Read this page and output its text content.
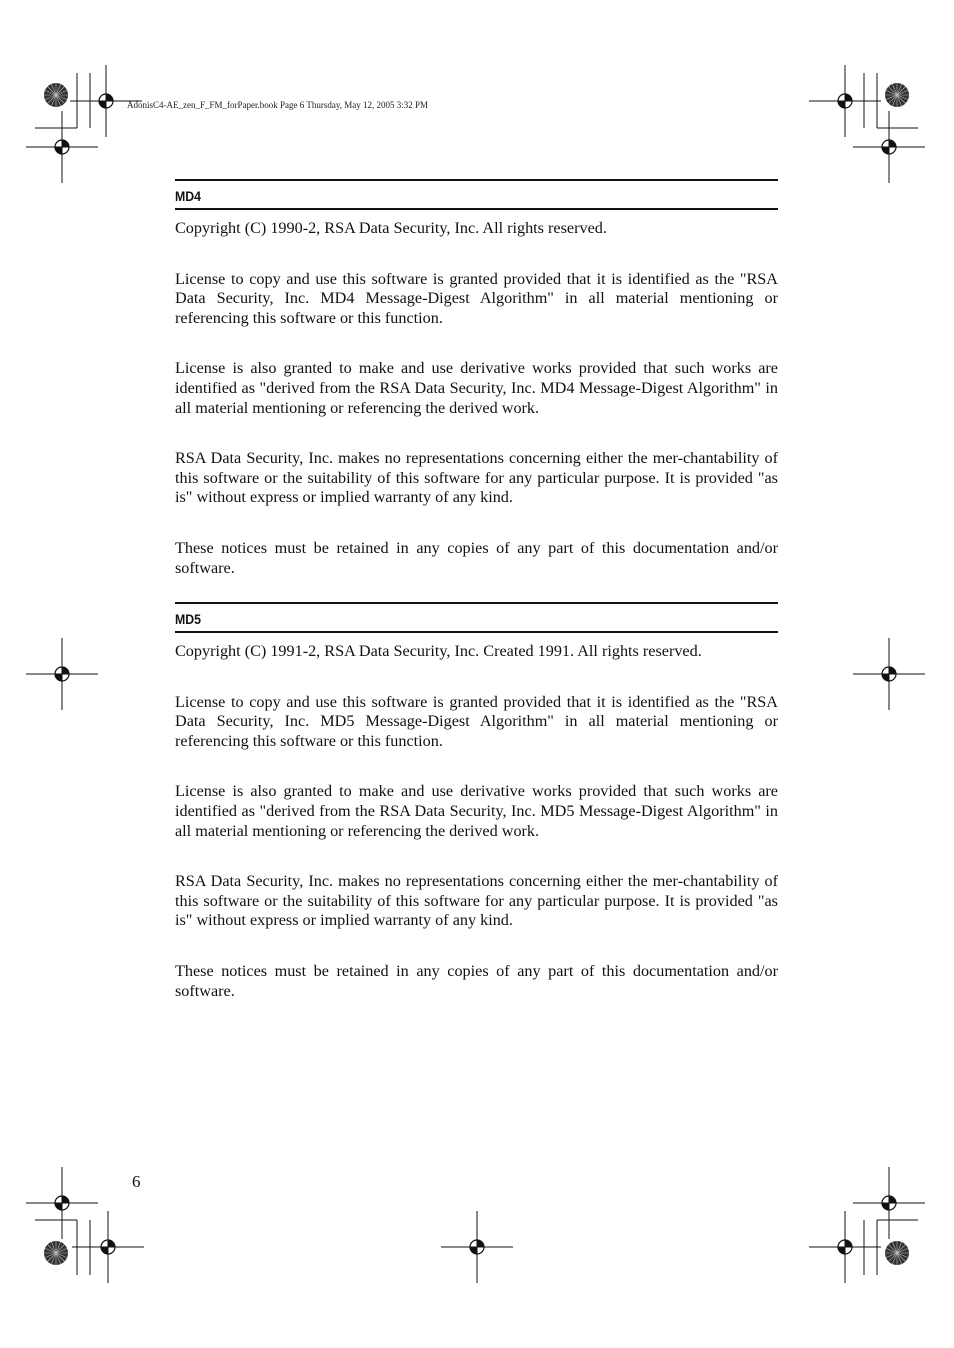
AdonisC4-AE_zen_F_FM_forPaper.book Page 6 Thursday, May 12, 2005 3:32 PM
MD4

Copyright (C) 1990-2, RSA Data Security, Inc. All rights reserved.

License to copy and use this software is granted provided that it is identified as the "RSA Data Security, Inc. MD4 Message-Digest Algorithm" in all material mentioning or referencing this software or this function.

License is also granted to make and use derivative works provided that such works are identified as "derived from the RSA Data Security, Inc. MD4 Message-Digest Algorithm" in all material mentioning or referencing the derived work.

RSA Data Security, Inc. makes no representations concerning either the mer-chantability of this software or the suitability of this software for any particular purpose. It is provided "as is" without express or implied warranty of any kind.

These notices must be retained in any copies of any part of this documentation and/or software.

MD5

Copyright (C) 1991-2, RSA Data Security, Inc. Created 1991. All rights reserved.

License to copy and use this software is granted provided that it is identified as the "RSA Data Security, Inc. MD5 Message-Digest Algorithm" in all material mentioning or referencing this software or this function.

License is also granted to make and use derivative works provided that such works are identified as "derived from the RSA Data Security, Inc. MD5 Message-Digest Algorithm" in all material mentioning or referencing the derived work.

RSA Data Security, Inc. makes no representations concerning either the mer-chantability of this software or the suitability of this software for any particular purpose. It is provided "as is" without express or implied warranty of any kind.

These notices must be retained in any copies of any part of this documentation and/or software.

6
